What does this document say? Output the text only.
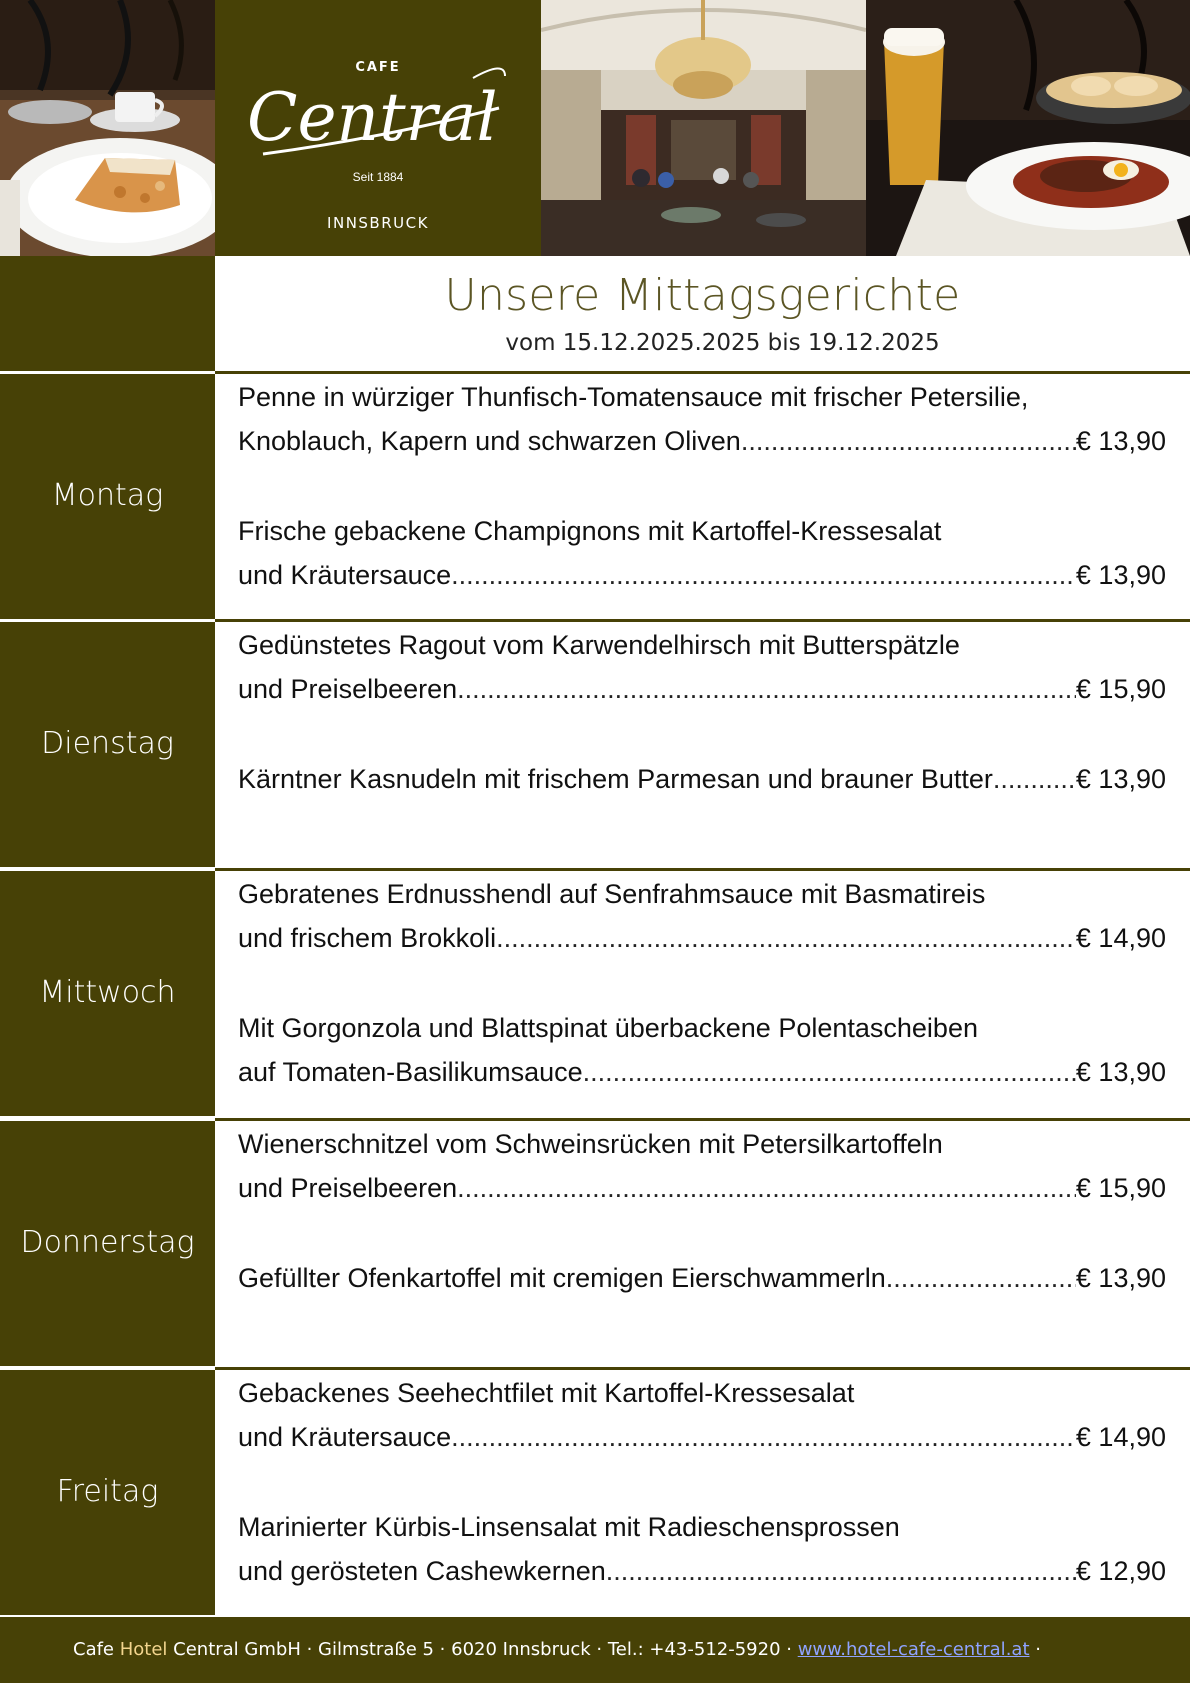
CAFE
Central
Seit 1884
INNSBRUCK
Unsere Mittagsgerichte
vom 15.12.2025.2025 bis 19.12.2025
Montag
Penne in würziger Thunfisch-Tomatensauce mit frischer Petersilie,
Knoblauch, Kapern und schwarzen Oliven .....	€ 13,90
Frische gebackene Champignons mit Kartoffel-Kressesalat
und Kräutersauce .....	€ 13,90
Dienstag
Gedünstetes Ragout vom Karwendelhirsch mit Butterspätzle
und Preiselbeeren .....	€ 15,90
Kärntner Kasnudeln mit frischem Parmesan und brauner Butter .....	€ 13,90
Mittwoch
Gebratenes Erdnusshendl auf Senfrahmsauce mit Basmatireis
und frischem Brokkoli .....	€ 14,90
Mit Gorgonzola und Blattspinat überbackene Polentascheiben
auf Tomaten-Basilikumsauce .....	€ 13,90
Donnerstag
Wienerschnitzel vom Schweinsrücken mit Petersilkartoffeln
und Preiselbeeren .....	€ 15,90
Gefüllter Ofenkartoffel mit cremigen Eierschwammerln .....	€ 13,90
Freitag
Gebackenes Seehechtfilet mit Kartoffel-Kressesalat
und Kräutersauce .....	€ 14,90
Marinierter Kürbis-Linsensalat mit Radieschensprossen
und gerösteten Cashewkernen .....	€ 12,90
Cafe Hotel Central GmbH · Gilmstraße 5 · 6020 Innsbruck · Tel.: +43-512-5920 · www.hotel-cafe-central.at ·
